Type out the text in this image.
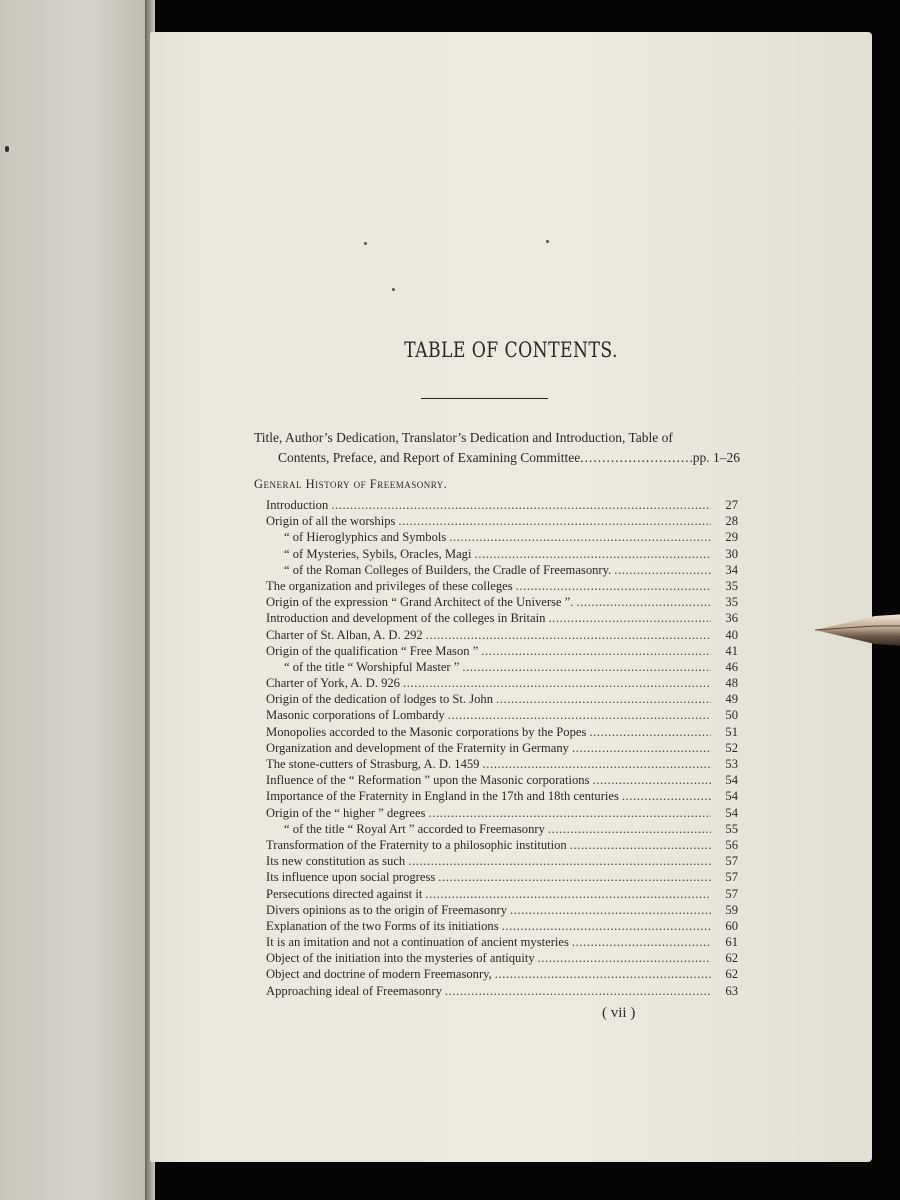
TABLE OF CONTENTS.
Title, Author’s Dedication, Translator’s Dedication and Introduction, Table of
Contents, Preface, and Report of Examining Committee .....	pp. 1–26
General History of Freemasonry.
Introduction .....	27
Origin of all the worships .....	28
“ of Hieroglyphics and Symbols .....	29
“ of Mysteries, Sybils, Oracles, Magi .....	30
“ of the Roman Colleges of Builders, the Cradle of Freemasonry. .....	34
The organization and privileges of these colleges .....	35
Origin of the expression “ Grand Architect of the Universe ”. .....	35
Introduction and development of the colleges in Britain .....	36
Charter of St. Alban, A. D. 292 .....	40
Origin of the qualification “ Free Mason ” .....	41
“ of the title “ Worshipful Master ” .....	46
Charter of York, A. D. 926 .....	48
Origin of the dedication of lodges to St. John .....	49
Masonic corporations of Lombardy .....	50
Monopolies accorded to the Masonic corporations by the Popes .....	51
Organization and development of the Fraternity in Germany .....	52
The stone-cutters of Strasburg, A. D. 1459 .....	53
Influence of the “ Reformation ” upon the Masonic corporations .....	54
Importance of the Fraternity in England in the 17th and 18th centuries .....	54
Origin of the “ higher ” degrees .....	54
“ of the title “ Royal Art ” accorded to Freemasonry .....	55
Transformation of the Fraternity to a philosophic institution .....	56
Its new constitution as such .....	57
Its influence upon social progress .....	57
Persecutions directed against it .....	57
Divers opinions as to the origin of Freemasonry .....	59
Explanation of the two Forms of its initiations .....	60
It is an imitation and not a continuation of ancient mysteries .....	61
Object of the initiation into the mysteries of antiquity .....	62
Object and doctrine of modern Freemasonry, .....	62
Approaching ideal of Freemasonry .....	63
( vii )
